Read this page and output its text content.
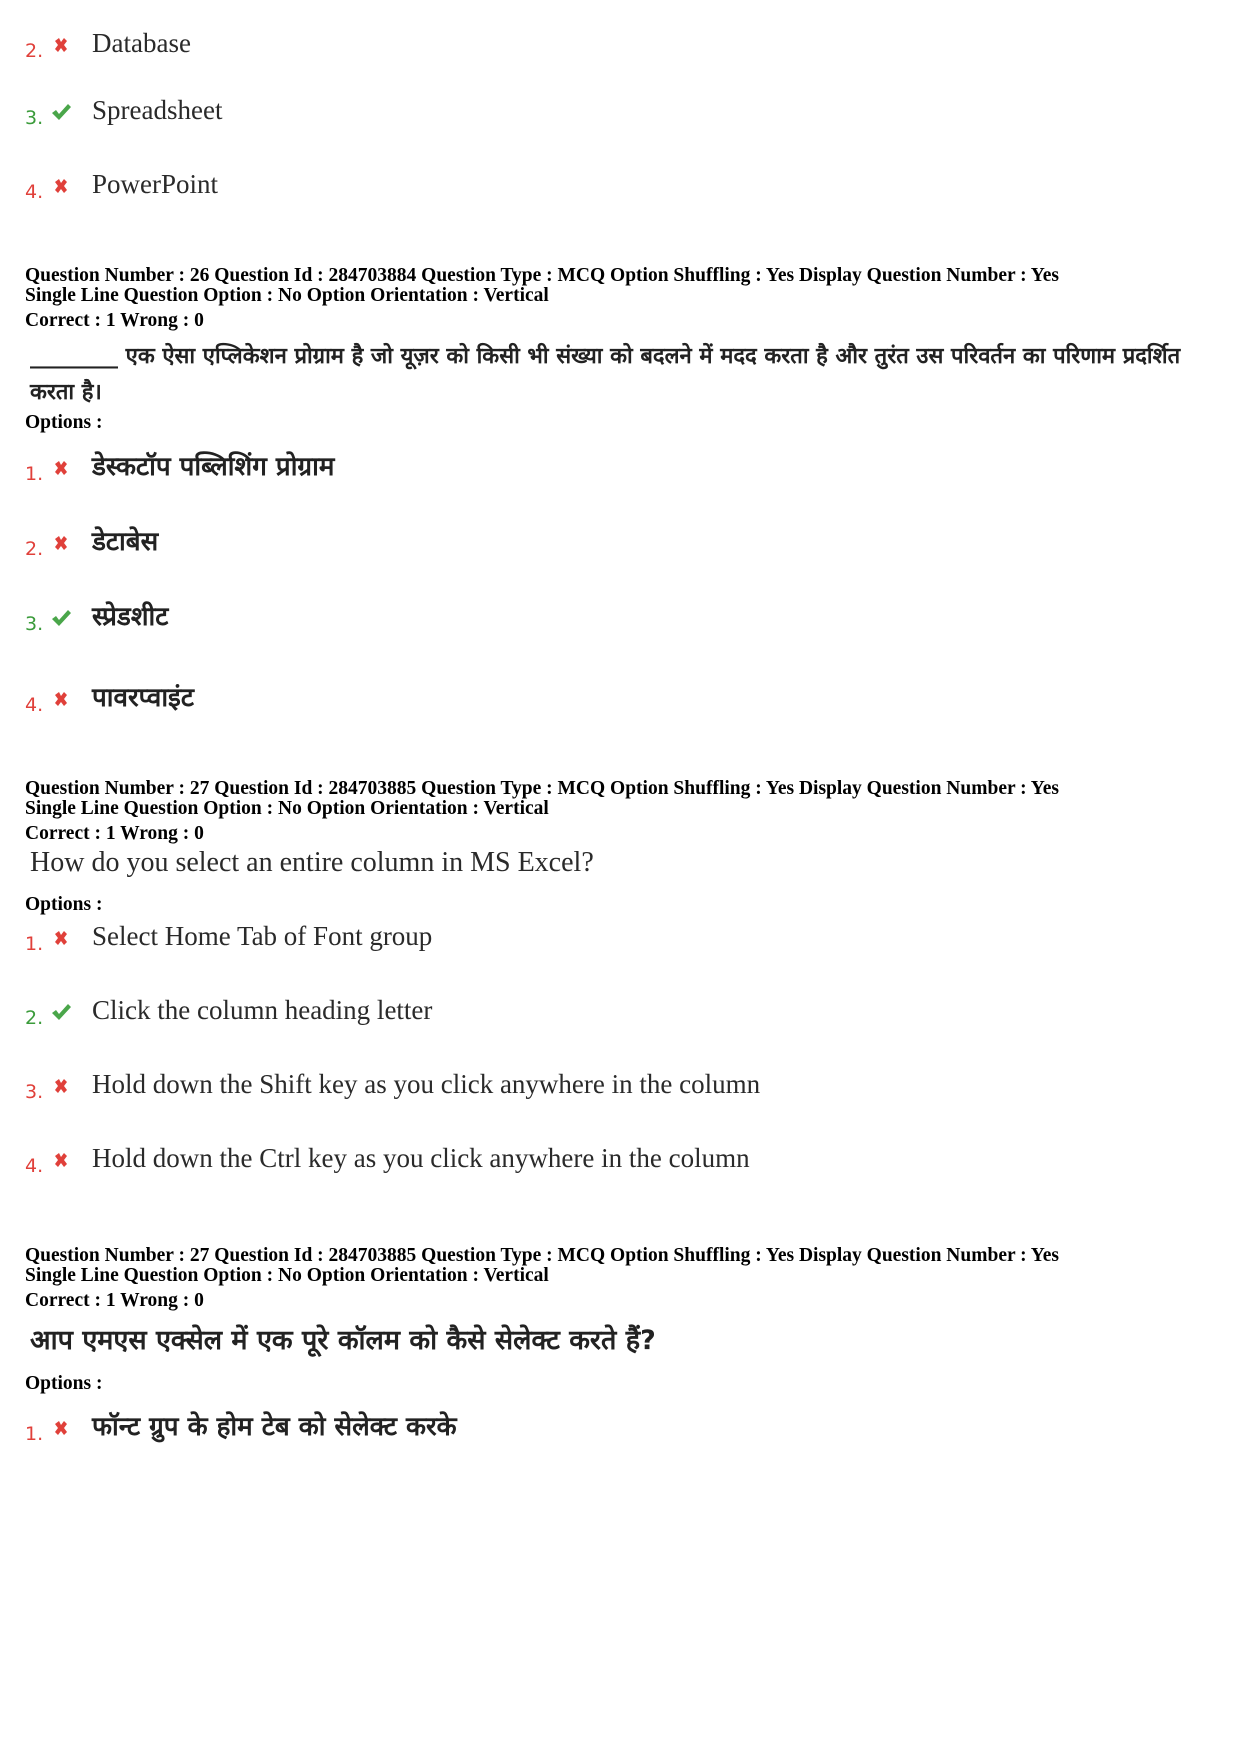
2. Database
3. Spreadsheet
4. PowerPoint
Question Number : 26 Question Id : 284703884 Question Type : MCQ Option Shuffling : Yes Display Question Number : Yes
Single Line Question Option : No Option Orientation : Vertical
Correct : 1 Wrong : 0
________ एक ऐसा एप्लिकेशन प्रोग्राम है जो यूज़र को किसी भी संख्या को बदलने में मदद करता है और तुरंत उस परिवर्तन का परिणाम प्रदर्शित करता है।
Options :
1. डेस्कटॉप पब्लिशिंग प्रोग्राम
2. डेटाबेस
3. स्प्रेडशीट
4. पावरप्वाइंट
Question Number : 27 Question Id : 284703885 Question Type : MCQ Option Shuffling : Yes Display Question Number : Yes
Single Line Question Option : No Option Orientation : Vertical
Correct : 1 Wrong : 0
How do you select an entire column in MS Excel?
Options :
1. Select Home Tab of Font group
2. Click the column heading letter
3. Hold down the Shift key as you click anywhere in the column
4. Hold down the Ctrl key as you click anywhere in the column
Question Number : 27 Question Id : 284703885 Question Type : MCQ Option Shuffling : Yes Display Question Number : Yes
Single Line Question Option : No Option Orientation : Vertical
Correct : 1 Wrong : 0
आप एमएस एक्सेल में एक पूरे कॉलम को कैसे सेलेक्ट करते हैं?
Options :
1. फॉन्ट ग्रुप के होम टेब को सेलेक्ट करके
